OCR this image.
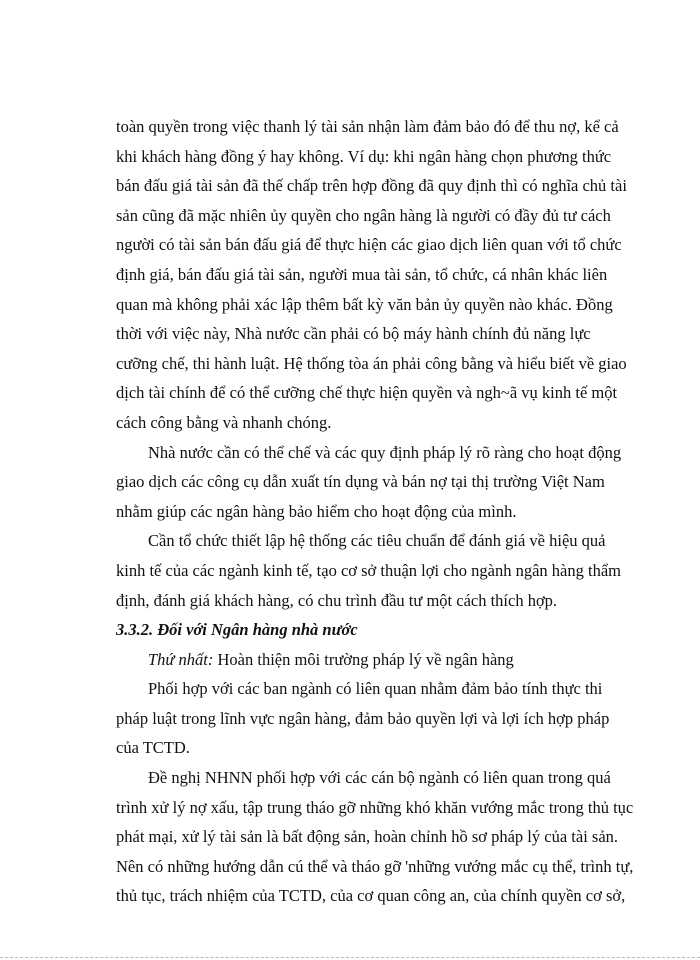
toàn quyền trong việc thanh lý tài sản nhận làm đảm bảo đó để thu nợ, kể cả
khi khách hàng đồng ý hay không. Ví dụ: khi ngân hàng chọn phương thức
bán đấu giá tài sản đã thế chấp trên hợp đồng đã quy định thì có nghĩa chủ tài
sản cũng đã mặc nhiên ủy quyền cho ngân hàng là người có đầy đủ tư cách
người có tài sản bán đấu giá để thực hiện các giao dịch liên quan với tổ chức
định giá, bán đấu giá tài sản, người mua tài sản, tổ chức, cá nhân khác liên
quan mà không phải xác lập thêm bất kỳ văn bản ủy quyền nào khác. Đồng
thời với việc này, Nhà nước cần phải có bộ máy hành chính đủ năng lực
cưỡng chế, thi hành luật. Hệ thống tòa án phải công bằng và hiểu biết về giao
dịch tài chính để có thể cưỡng chế thực hiện quyền và ngh~ã vụ kinh tế một
cách công bằng và nhanh chóng.
Nhà nước cần có thể chế và các quy định pháp lý rõ ràng cho hoạt động
giao dịch các công cụ dẫn xuất tín dụng và bán nợ tại thị trường Việt Nam
nhằm giúp các ngân hàng bảo hiểm cho hoạt động của mình.
Cần tổ chức thiết lập hệ thống các tiêu chuẩn để đánh giá về hiệu quả
kinh tế của các ngành kinh tế, tạo cơ sở thuận lợi cho ngành ngân hàng thẩm
định, đánh giá khách hàng, có chu trình đầu tư một cách thích hợp.
3.3.2. Đối với Ngân hàng nhà nước
Thứ nhất: Hoàn thiện môi trường pháp lý về ngân hàng
Phối hợp với các ban ngành có liên quan nhằm đảm bảo tính thực thi
pháp luật trong lĩnh vực ngân hàng, đảm bảo quyền lợi và lợi ích hợp pháp
của TCTD.
Đề nghị NHNN phối hợp với các cán bộ ngành có liên quan trong quá
trình xử lý nợ xấu, tập trung tháo gỡ những khó khăn vướng mắc trong thủ tục
phát mại, xử lý tài sản là bất động sản, hoàn chỉnh hồ sơ pháp lý của tài sản.
Nên có những hướng dẫn cú thể và tháo gỡ 'những vướng mắc cụ thể, trình tự,
thủ tục, trách nhiệm của TCTD, của cơ quan công an, của chính quyền cơ sở,
